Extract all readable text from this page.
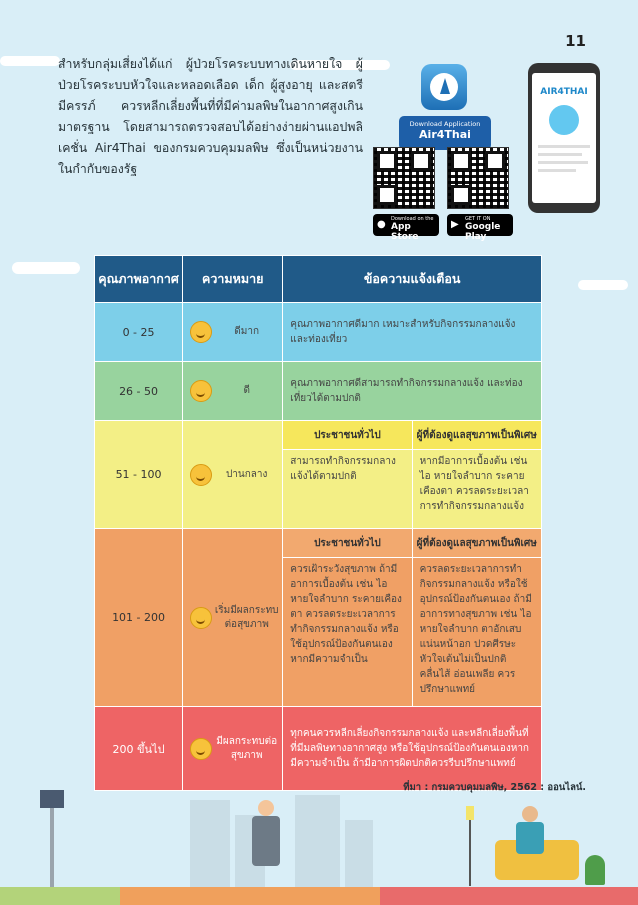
11
สำหรับกลุ่มเสี่ยงได้แก่ ผู้ป่วยโรคระบบทางเดินหายใจ ผู้ป่วยโรคระบบหัวใจและหลอดเลือด เด็ก ผู้สูงอายุ และสตรีมีครรภ์ ควรหลีกเลี่ยงพื้นที่ที่มีค่ามลพิษในอากาศสูงเกินมาตรฐาน โดยสามารถตรวจสอบได้อย่างง่ายผ่านแอปพลิเคชั่น Air4Thai ของกรมควบคุมมลพิษ ซึ่งเป็นหน่วยงานในกำกับของรัฐ
Download Application
Air4Thai
● Download on the
App Store
▶ GET IT ON
Google Play
AIR4THAI
คุณภาพอากาศ	ความหมาย	ข้อความแจ้งเตือน	
0 - 25	ดีมาก	คุณภาพอากาศดีมาก เหมาะสำหรับกิจกรรมกลางแจ้ง และท่องเที่ยว	
26 - 50	ดี	คุณภาพอากาศดีสามารถทำกิจกรรมกลางแจ้ง และท่องเที่ยวได้ตามปกติ	
51 - 100	ปานกลาง	ประชาชนทั่วไป	ผู้ที่ต้องดูแลสุขภาพเป็นพิเศษ
		สามารถทำกิจกรรมกลางแจ้งได้ตามปกติ	หากมีอาการเบื้องต้น เช่น ไอ หายใจลำบาก ระคายเคืองตา ควรลดระยะเวลาการทำกิจกรรมกลางแจ้ง
101 - 200	เริ่มมีผลกระทบต่อสุขภาพ	ประชาชนทั่วไป	ผู้ที่ต้องดูแลสุขภาพเป็นพิเศษ
		ควรเฝ้าระวังสุขภาพ ถ้ามีอาการเบื้องต้น เช่น ไอ หายใจลำบาก ระคายเคืองตา ควรลดระยะเวลาการทำกิจกรรมกลางแจ้ง หรือใช้อุปกรณ์ป้องกันตนเองหากมีความจำเป็น	ควรลดระยะเวลาการทำกิจกรรมกลางแจ้ง หรือใช้อุปกรณ์ป้องกันตนเอง ถ้ามีอาการทางสุขภาพ เช่น ไอ หายใจลำบาก ตาอักเสบ แน่นหน้าอก ปวดศีรษะ หัวใจเต้นไม่เป็นปกติ คลื่นไส้ อ่อนเพลีย ควรปรึกษาแพทย์
200 ขึ้นไป	มีผลกระทบต่อสุขภาพ	ทุกคนควรหลีกเลี่ยงกิจกรรมกลางแจ้ง และหลีกเลี่ยงพื้นที่ที่มีมลพิษทางอากาศสูง หรือใช้อุปกรณ์ป้องกันตนเองหากมีความจำเป็น ถ้ามีอาการผิดปกติควรรีบปรึกษาแพทย์	
ที่มา : กรมควบคุมมลพิษ, 2562 : ออนไลน์.
